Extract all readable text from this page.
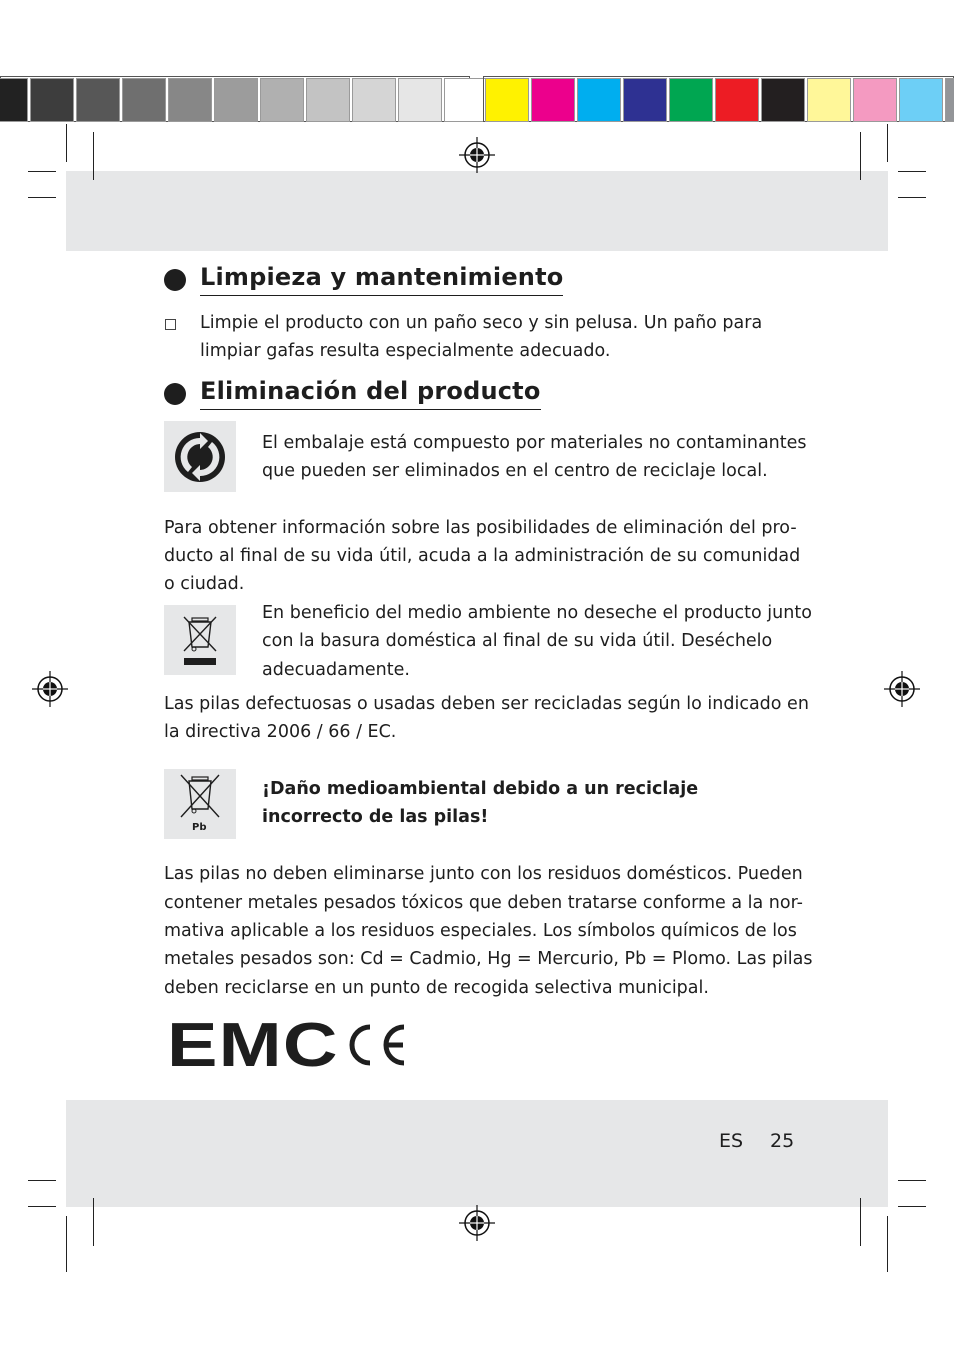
Limpieza y mantenimiento
Limpie el producto con un paño seco y sin pelusa. Un paño para
limpiar gafas resulta especialmente adecuado.
Eliminación del producto
El embalaje está compuesto por materiales no contaminantes
que pueden ser eliminados en el centro de reciclaje local.
Para obtener información sobre las posibilidades de eliminación del pro-
ducto al final de su vida útil, acuda a la administración de su comunidad
o ciudad.
En beneficio del medio ambiente no deseche el producto junto
con la basura doméstica al final de su vida útil. Deséchelo
adecuadamente.
Las pilas defectuosas o usadas deben ser recicladas según lo indicado en
la directiva 2006 / 66 / EC.
Pb
¡Daño medioambiental debido a un reciclaje
incorrecto de las pilas!
Las pilas no deben eliminarse junto con los residuos domésticos. Pueden
contener metales pesados tóxicos que deben tratarse conforme a la nor-
mativa aplicable a los residuos especiales. Los símbolos químicos de los
metales pesados son: Cd = Cadmio, Hg = Mercurio, Pb = Plomo. Las pilas
deben reciclarse en un punto de recogida selectiva municipal.
EMC
ES 25
